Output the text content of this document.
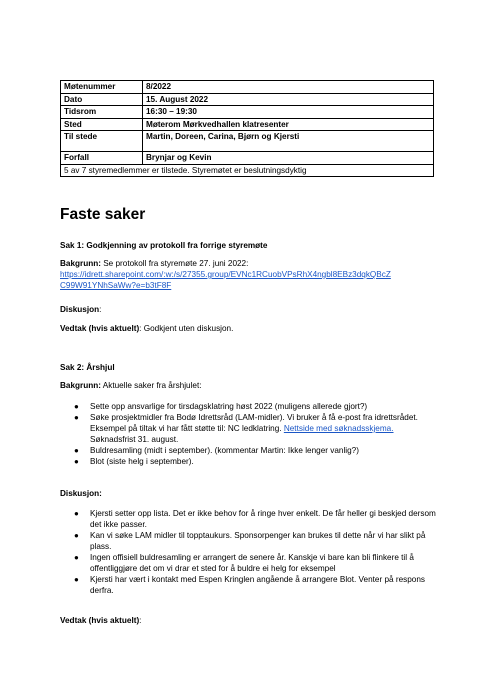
Møtenummer	8/2022
Dato	15. August 2022
Tidsrom	16:30 – 19:30
Sted	Møterom Mørkvedhallen klatresenter
Til stede	Martin, Doreen, Carina, Bjørn og Kjersti
Forfall	Brynjar og Kevin
5 av 7 styremedlemmer er tilstede. Styremøtet er beslutningsdyktig	
Faste saker

Sak 1: Godkjenning av protokoll fra forrige styremøte

Bakgrunn: Se protokoll fra styremøte 27. juni 2022:
https://idrett.sharepoint.com/:w:/s/27355.group/EVNc1RCuobVPsRhX4ngbl8EBz3dqkQBcZ
C99W91YNhSaWw?e=b3tF8F

Diskusjon:

Vedtak (hvis aktuelt): Godkjent uten diskusjon.

Sak 2: Årshjul

Bakgrunn: Aktuelle saker fra årshjulet:

● Sette opp ansvarlige for tirsdagsklatring høst 2022 (muligens allerede gjort?)
● Søke prosjektmidler fra Bodø Idrettsråd (LAM-midler). Vi bruker å få e-post fra idrettsrådet. Eksempel på tiltak vi har fått støtte til: NC ledklatring. Nettside med søknadsskjema. Søknadsfrist 31. august.
● Buldresamling (midt i september). (kommentar Martin: Ikke lenger vanlig?)
● Blot (siste helg i september).

Diskusjon:

● Kjersti setter opp lista. Det er ikke behov for å ringe hver enkelt. De får heller gi beskjed dersom det ikke passer.
● Kan vi søke LAM midler til topptaukurs. Sponsorpenger kan brukes til dette når vi har slikt på plass.
● Ingen offisiell buldresamling er arrangert de senere år. Kanskje vi bare kan bli flinkere til å offentliggjøre det om vi drar et sted for å buldre ei helg for eksempel
● Kjersti har vært i kontakt med Espen Kringlen angående å arrangere Blot. Venter på respons derfra.

Vedtak (hvis aktuelt):
